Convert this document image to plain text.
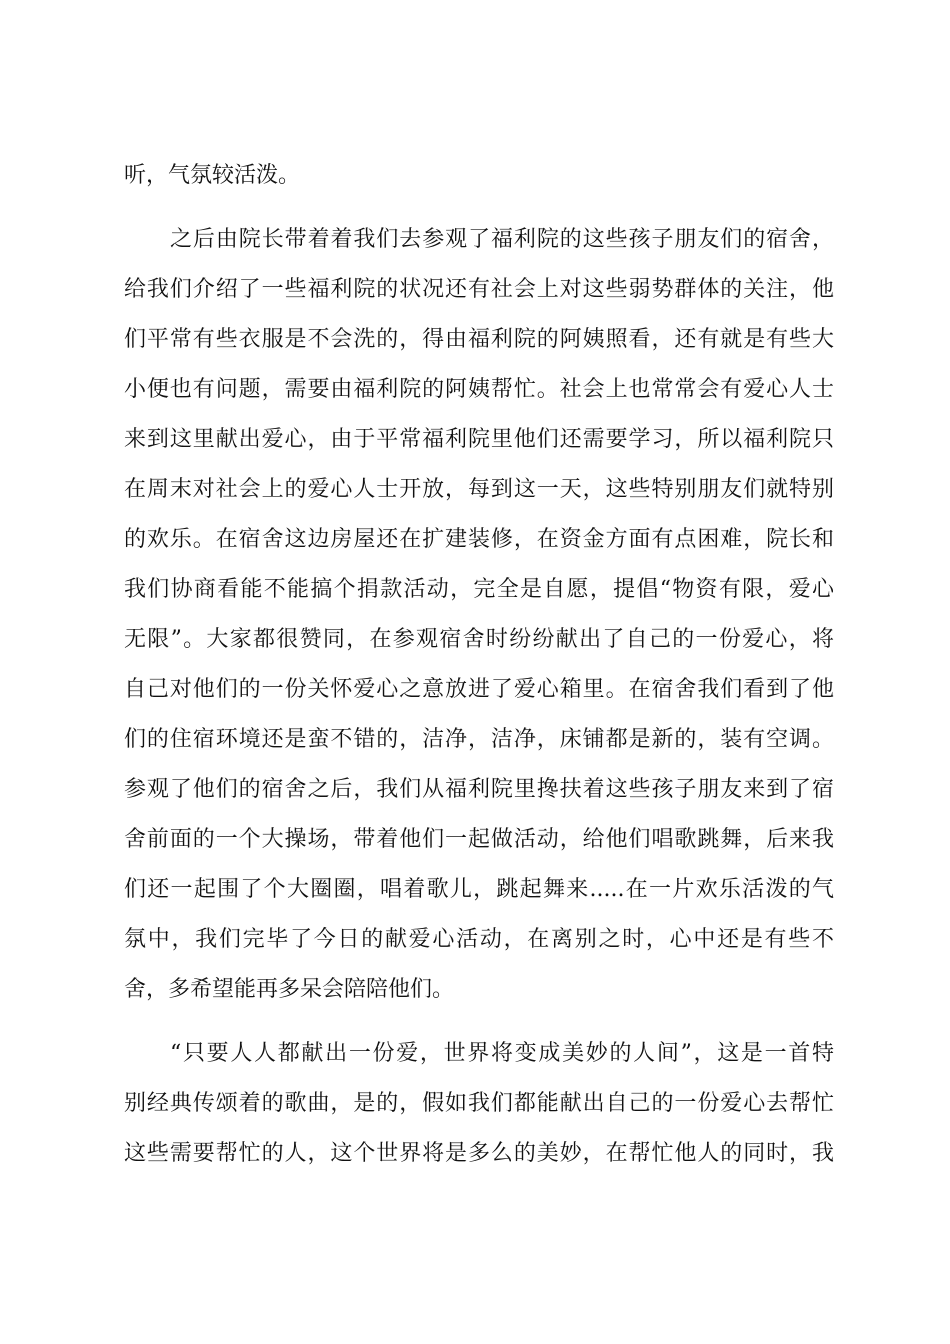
听，气氛较活泼。
之后由院长带着着我们去参观了福利院的这些孩子朋友们的宿舍，
给我们介绍了一些福利院的状况还有社会上对这些弱势群体的关注，他
们平常有些衣服是不会洗的，得由福利院的阿姨照看，还有就是有些大
小便也有问题，需要由福利院的阿姨帮忙。社会上也常常会有爱心人士
来到这里献出爱心，由于平常福利院里他们还需要学习，所以福利院只
在周末对社会上的爱心人士开放，每到这一天，这些特别朋友们就特别
的欢乐。在宿舍这边房屋还在扩建装修，在资金方面有点困难，院长和
我们协商看能不能搞个捐款活动，完全是自愿，提倡“物资有限，爱心
无限”。大家都很赞同，在参观宿舍时纷纷献出了自己的一份爱心，将
自己对他们的一份关怀爱心之意放进了爱心箱里。在宿舍我们看到了他
们的住宿环境还是蛮不错的，洁净，洁净，床铺都是新的，装有空调。
参观了他们的宿舍之后，我们从福利院里搀扶着这些孩子朋友来到了宿
舍前面的一个大操场，带着他们一起做活动，给他们唱歌跳舞，后来我
们还一起围了个大圈圈，唱着歌儿，跳起舞来.....在一片欢乐活泼的气
氛中，我们完毕了今日的献爱心活动，在离别之时，心中还是有些不
舍，多希望能再多呆会陪陪他们。
“只要人人都献出一份爱，世界将变成美妙的人间”，这是一首特
别经典传颂着的歌曲，是的，假如我们都能献出自己的一份爱心去帮忙
这些需要帮忙的人，这个世界将是多么的美妙，在帮忙他人的同时，我
